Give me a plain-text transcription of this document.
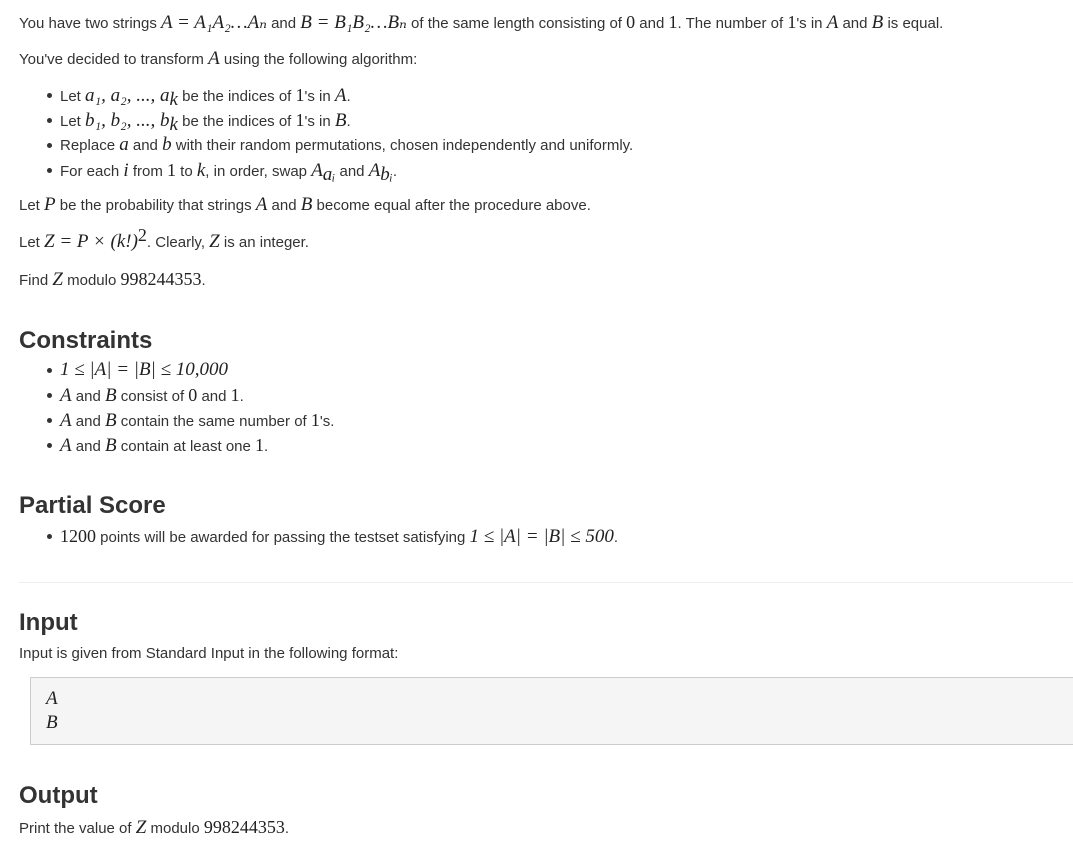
You have two strings A = A₁A₂…Aₙ and B = B₁B₂…Bₙ of the same length consisting of 0 and 1. The number of 1's in A and B is equal.
You've decided to transform A using the following algorithm:
Let a₁, a₂, ..., $a_k$ be the indices of 1's in A.
Let b₁, b₂, ..., $b_k$ be the indices of 1's in B.
Replace a and b with their random permutations, chosen independently and uniformly.
For each i from 1 to k, in order, swap $A_{aᵢ}$ and $A_{bᵢ}$.
Let P be the probability that strings A and B become equal after the procedure above.
Let $Z = P \times (k!)^2$. Clearly, Z is an integer.
Find Z modulo 998244353.
Constraints
1 ≤ |A| = |B| ≤ 10,000
A and B consist of 0 and 1.
A and B contain the same number of 1's.
A and B contain at least one 1.
Partial Score
1200 points will be awarded for passing the testset satisfying 1 ≤ |A| = |B| ≤ 500.
Input
Input is given from Standard Input in the following format:
A
B
Output
Print the value of Z modulo 998244353.
